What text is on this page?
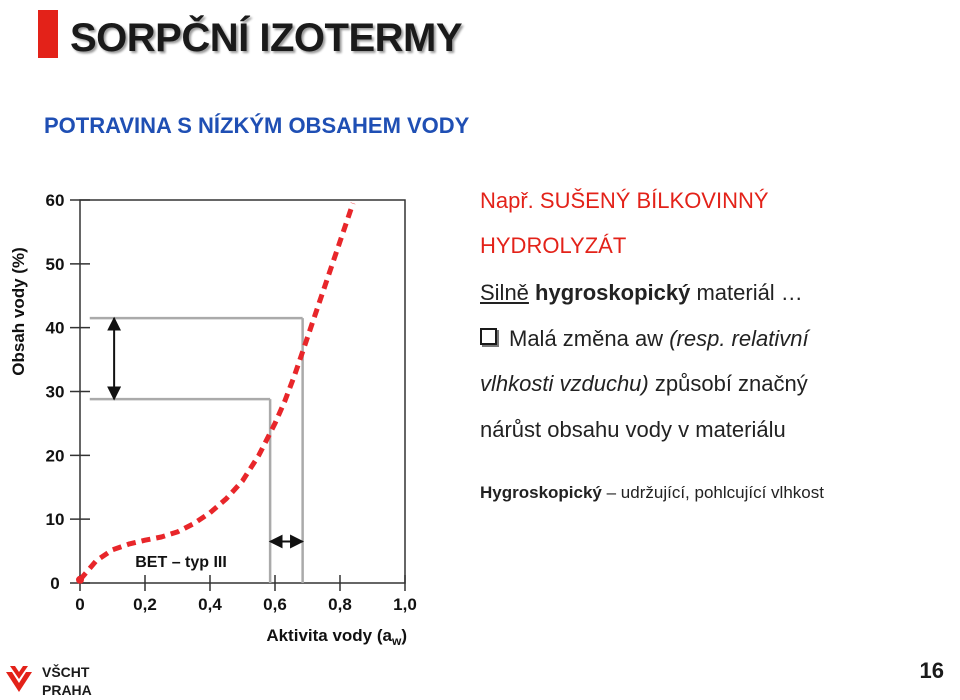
SORPČNÍ IZOTERMY
POTRAVINA S NÍZKÝM OBSAHEM VODY
0
10
20
30
40
50
60
0	0,2 0,4 0,6 0,8 1,0
Obsah vody (%)
Aktivita vody $(a_w)$
BET – typ III
Např. SUŠENÝ BÍLKOVINNÝ
HYDROLYZÁT
Silně hygroskopický materiál …
Malá změna aw (resp. relativní
vlhkosti vzduchu) způsobí značný
nárůst obsahu vody v materiálu
Hygroskopický – udržující, pohlcující vlhkost
VŠCHT
PRAHA
16
